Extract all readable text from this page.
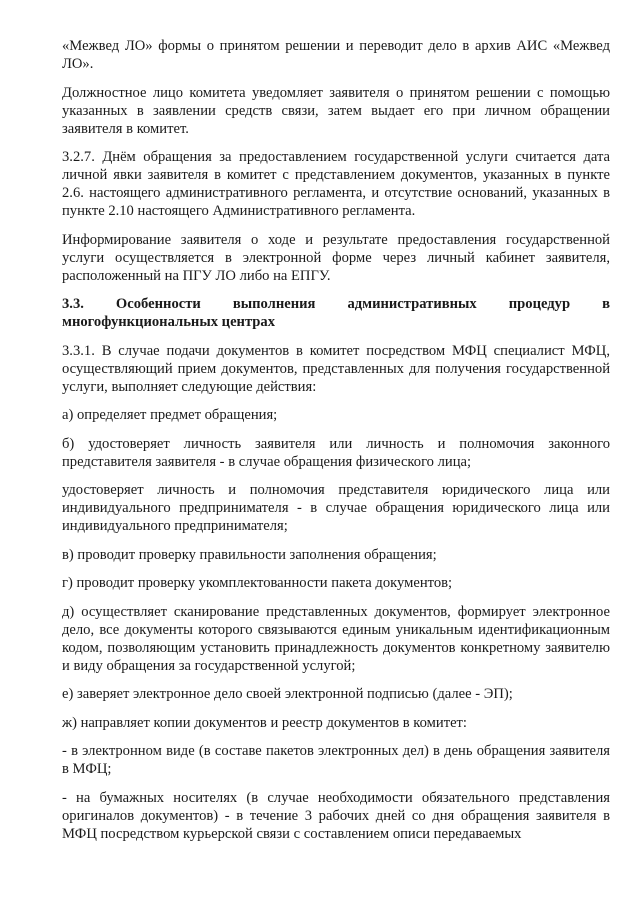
«Межвед ЛО» формы о принятом решении и переводит дело в архив АИС «Межвед ЛО».

Должностное лицо комитета уведомляет заявителя о принятом решении с помощью указанных в заявлении средств связи, затем выдает его при личном обращении заявителя в комитет.

3.2.7. Днём обращения за предоставлением государственной услуги считается дата личной явки заявителя в комитет с представлением документов, указанных в пункте 2.6. настоящего административного регламента, и отсутствие оснований, указанных в пункте 2.10 настоящего Административного регламента.

Информирование заявителя о ходе и результате предоставления государственной услуги осуществляется в электронной форме через личный кабинет заявителя, расположенный на ПГУ ЛО либо на ЕПГУ.

3.3. Особенности выполнения административных процедур в
многофункциональных центрах

3.3.1. В случае подачи документов в комитет посредством МФЦ специалист МФЦ, осуществляющий прием документов, представленных для получения государственной услуги, выполняет следующие действия:

а) определяет предмет обращения;

б) удостоверяет личность заявителя или личность и полномочия законного представителя заявителя - в случае обращения физического лица;

удостоверяет личность и полномочия представителя юридического лица или индивидуального предпринимателя - в случае обращения юридического лица или индивидуального предпринимателя;

в) проводит проверку правильности заполнения обращения;

г) проводит проверку укомплектованности пакета документов;

д) осуществляет сканирование представленных документов, формирует электронное дело, все документы которого связываются единым уникальным идентификационным кодом, позволяющим установить принадлежность документов конкретному заявителю и виду обращения за государственной услугой;

е) заверяет электронное дело своей электронной подписью (далее - ЭП);

ж) направляет копии документов и реестр документов в комитет:

- в электронном виде (в составе пакетов электронных дел) в день обращения заявителя в МФЦ;

- на бумажных носителях (в случае необходимости обязательного представления оригиналов документов) - в течение 3 рабочих дней со дня обращения заявителя в МФЦ посредством курьерской связи с составлением описи передаваемых
